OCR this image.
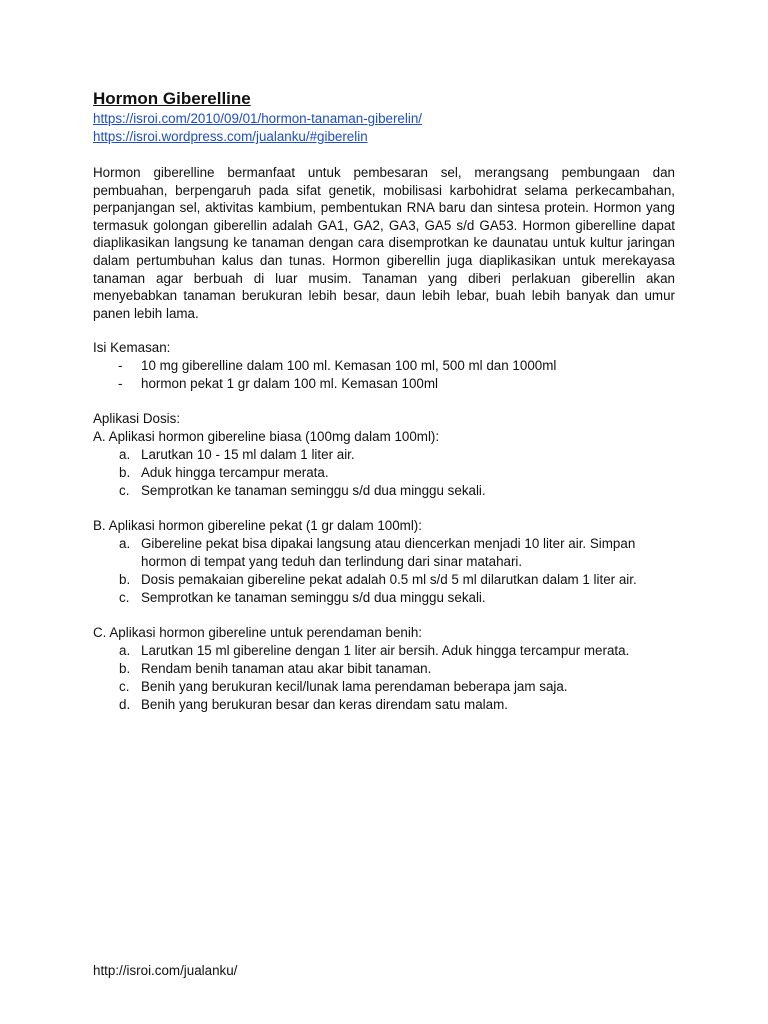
Hormon Giberelline
https://isroi.com/2010/09/01/hormon-tanaman-giberelin/
https://isroi.wordpress.com/jualanku/#giberelin

Hormon giberelline bermanfaat untuk pembesaran sel, merangsang pembungaan dan pembuahan, berpengaruh pada sifat genetik, mobilisasi karbohidrat selama perkecambahan, perpanjangan sel, aktivitas kambium, pembentukan RNA baru dan sintesa protein. Hormon yang termasuk golongan giberellin adalah GA1, GA2, GA3, GA5 s/d GA53. Hormon giberelline dapat diaplikasikan langsung ke tanaman dengan cara disemprotkan ke daunatau untuk kultur jaringan dalam pertumbuhan kalus dan tunas. Hormon giberellin juga diaplikasikan untuk merekayasa tanaman agar berbuah di luar musim. Tanaman yang diberi perlakuan giberellin akan menyebabkan tanaman berukuran lebih besar, daun lebih lebar, buah lebih banyak dan umur panen lebih lama.

Isi Kemasan:
- 10 mg giberelline dalam 100 ml. Kemasan 100 ml, 500 ml dan 1000ml
- hormon pekat 1 gr dalam 100 ml. Kemasan 100ml
Aplikasi Dosis:
A. Aplikasi hormon gibereline biasa (100mg dalam 100ml):
a. Larutkan 10 - 15 ml dalam 1 liter air.
b. Aduk hingga tercampur merata.
c. Semprotkan ke tanaman seminggu s/d dua minggu sekali.
B. Aplikasi hormon gibereline pekat (1 gr dalam 100ml):
a. Gibereline pekat bisa dipakai langsung atau diencerkan menjadi 10 liter air. Simpan hormon di tempat yang teduh dan terlindung dari sinar matahari.
b. Dosis pemakaian gibereline pekat adalah 0.5 ml s/d 5 ml dilarutkan dalam 1 liter air.
c. Semprotkan ke tanaman seminggu s/d dua minggu sekali.
C. Aplikasi hormon gibereline untuk perendaman benih:
a. Larutkan 15 ml gibereline dengan 1 liter air bersih. Aduk hingga tercampur merata.
b. Rendam benih tanaman atau akar bibit tanaman.
c. Benih yang berukuran kecil/lunak lama perendaman beberapa jam saja.
d. Benih yang berukuran besar dan keras direndam satu malam.
http://isroi.com/jualanku/
